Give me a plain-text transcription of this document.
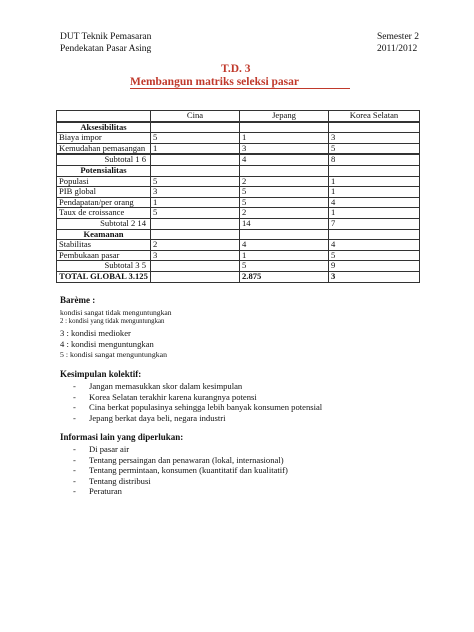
DUT Teknik Pemasaran
Pendekatan Pasar Asing
Semester 2
2011/2012
T.D. 3
Membangun matriks seleksi pasar
	Cina	Jepang	Korea Selatan

Aksesibilitas			
Biaya impor	5	1	3
Kemudahan pemasangan	1	3	5

Subtotal 1 6		4	8
Potensialitas			
Populasi	5	2	1
PIB global	3	5	1
Pendapatan/per orang	1	5	4
Taux de croissance	5	2	1
Subtotal 2 14		14	7
Keamanan			
Stabilitas	2	4	4
Pembukaan pasar	3	1	5
Subtotal 3 5		5	9
TOTAL GLOBAL 3.125		2.875	3
Barème :
kondisi sangat tidak menguntungkan
2 : kondisi yang tidak menguntungkan
3 : kondisi medioker
4 : kondisi menguntungkan
5 : kondisi sangat menguntungkan
Kesimpulan kolektif:
- Jangan memasukkan skor dalam kesimpulan
- Korea Selatan terakhir karena kurangnya potensi
- Cina berkat populasinya sehingga lebih banyak konsumen potensial
- Jepang berkat daya beli, negara industri
Informasi lain yang diperlukan:
- Di pasar air
- Tentang persaingan dan penawaran (lokal, internasional)
- Tentang permintaan, konsumen (kuantitatif dan kualitatif)
- Tentang distribusi
- Peraturan
